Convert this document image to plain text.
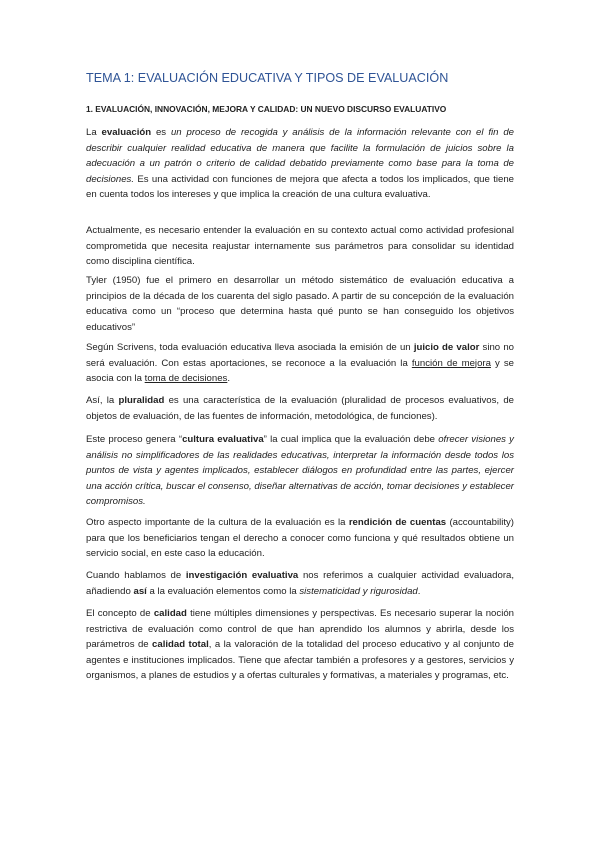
TEMA 1: EVALUACIÓN EDUCATIVA Y TIPOS DE EVALUACIÓN
1. EVALUACIÓN, INNOVACIÓN, MEJORA Y CALIDAD: UN NUEVO DISCURSO EVALUATIVO

La evaluación es un proceso de recogida y análisis de la información relevante con el fin de describir cualquier realidad educativa de manera que facilite la formulación de juicios sobre la adecuación a un patrón o criterio de calidad debatido previamente como base para la toma de decisiones. Es una actividad con funciones de mejora que afecta a todos los implicados, que tiene en cuenta todos los intereses y que implica la creación de una cultura evaluativa.

Actualmente, es necesario entender la evaluación en su contexto actual como actividad profesional comprometida que necesita reajustar internamente sus parámetros para consolidar su identidad como disciplina científica.

Tyler (1950) fue el primero en desarrollar un método sistemático de evaluación educativa a principios de la década de los cuarenta del siglo pasado. A partir de su concepción de la evaluación educativa como un “proceso que determina hasta qué punto se han conseguido los objetivos educativos”

Según Scrivens, toda evaluación educativa lleva asociada la emisión de un juicio de valor sino no será evaluación. Con estas aportaciones, se reconoce a la evaluación la función de mejora y se asocia con la toma de decisiones.

Así, la pluralidad es una característica de la evaluación (pluralidad de procesos evaluativos, de objetos de evaluación, de las fuentes de información, metodológica, de funciones).

Este proceso genera “cultura evaluativa” la cual implica que la evaluación debe ofrecer visiones y análisis no simplificadores de las realidades educativas, interpretar la información desde todos los puntos de vista y agentes implicados, establecer diálogos en profundidad entre las partes, ejercer una acción crítica, buscar el consenso, diseñar alternativas de acción, tomar decisiones y establecer compromisos.

Otro aspecto importante de la cultura de la evaluación es la rendición de cuentas (accountability) para que los beneficiarios tengan el derecho a conocer como funciona y qué resultados obtiene un servicio social, en este caso la educación.

Cuando hablamos de investigación evaluativa nos referimos a cualquier actividad evaluadora, añadiendo así a la evaluación elementos como la sistematicidad y rigurosidad.

El concepto de calidad tiene múltiples dimensiones y perspectivas. Es necesario superar la noción restrictiva de evaluación como control de que han aprendido los alumnos y abrirla, desde los parámetros de calidad total, a la valoración de la totalidad del proceso educativo y al conjunto de agentes e instituciones implicados. Tiene que afectar también a profesores y a gestores, servicios y organismos, a planes de estudios y a ofertas culturales y formativas, a materiales y programas, etc.
